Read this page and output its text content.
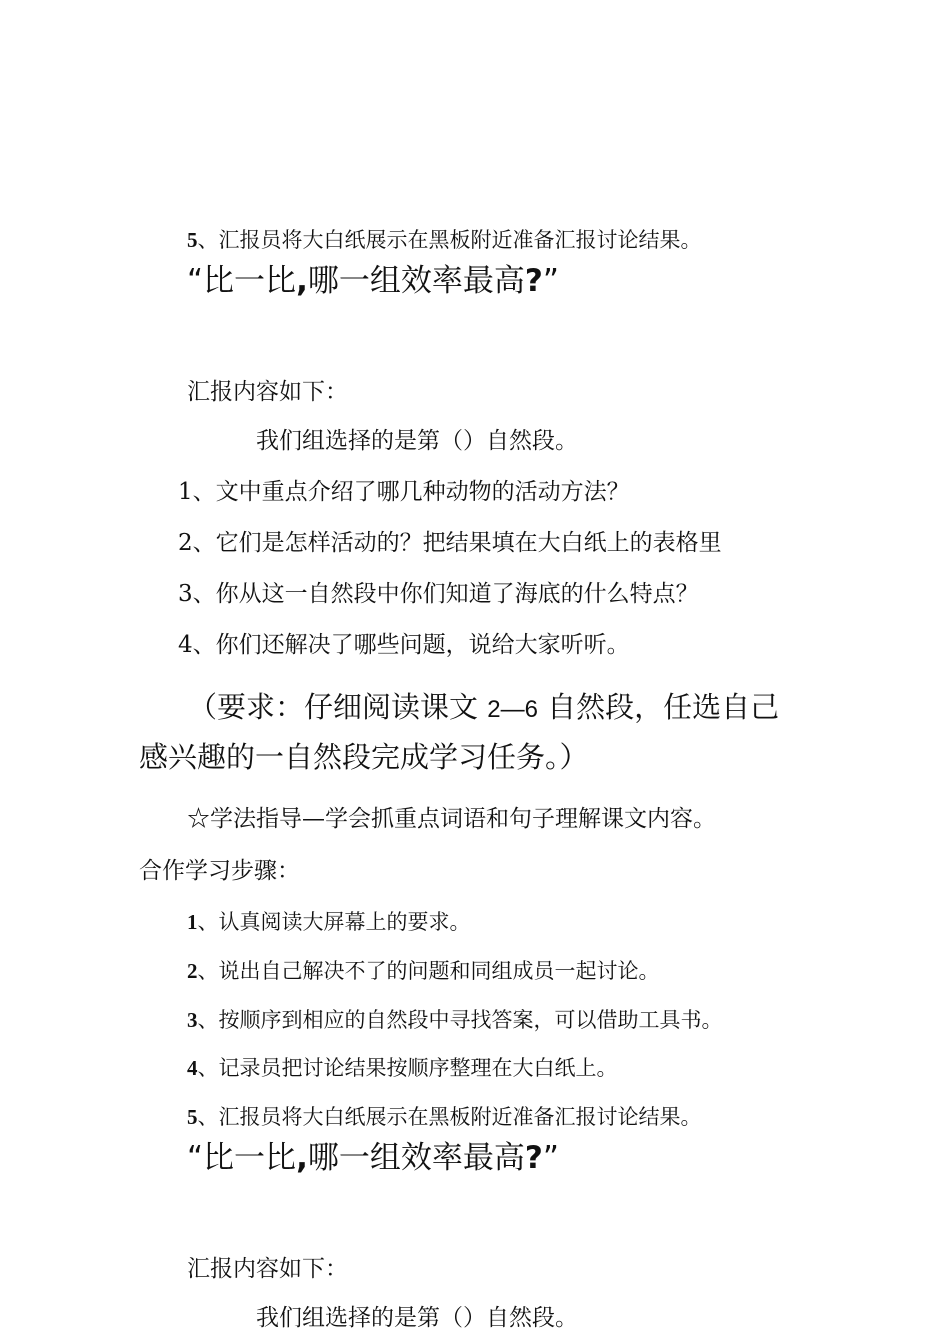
5、汇报员将大白纸展示在黑板附近准备汇报讨论结果。
“比一比,哪一组效率最高?”
汇报内容如下：
我们组选择的是第（）自然段。
1、文中重点介绍了哪几种动物的活动方法？
2、它们是怎样活动的？把结果填在大白纸上的表格里
3、你从这一自然段中你们知道了海底的什么特点？
4、你们还解决了哪些问题，说给大家听听。
（要求：仔细阅读课文 2—6 自然段，任选自己
感兴趣的一自然段完成学习任务。）
☆学法指导—学会抓重点词语和句子理解课文内容。
合作学习步骤：
1、认真阅读大屏幕上的要求。
2、说出自己解决不了的问题和同组成员一起讨论。
3、按顺序到相应的自然段中寻找答案，可以借助工具书。
4、记录员把讨论结果按顺序整理在大白纸上。
5、汇报员将大白纸展示在黑板附近准备汇报讨论结果。
“比一比,哪一组效率最高?”
汇报内容如下：
我们组选择的是第（）自然段。
